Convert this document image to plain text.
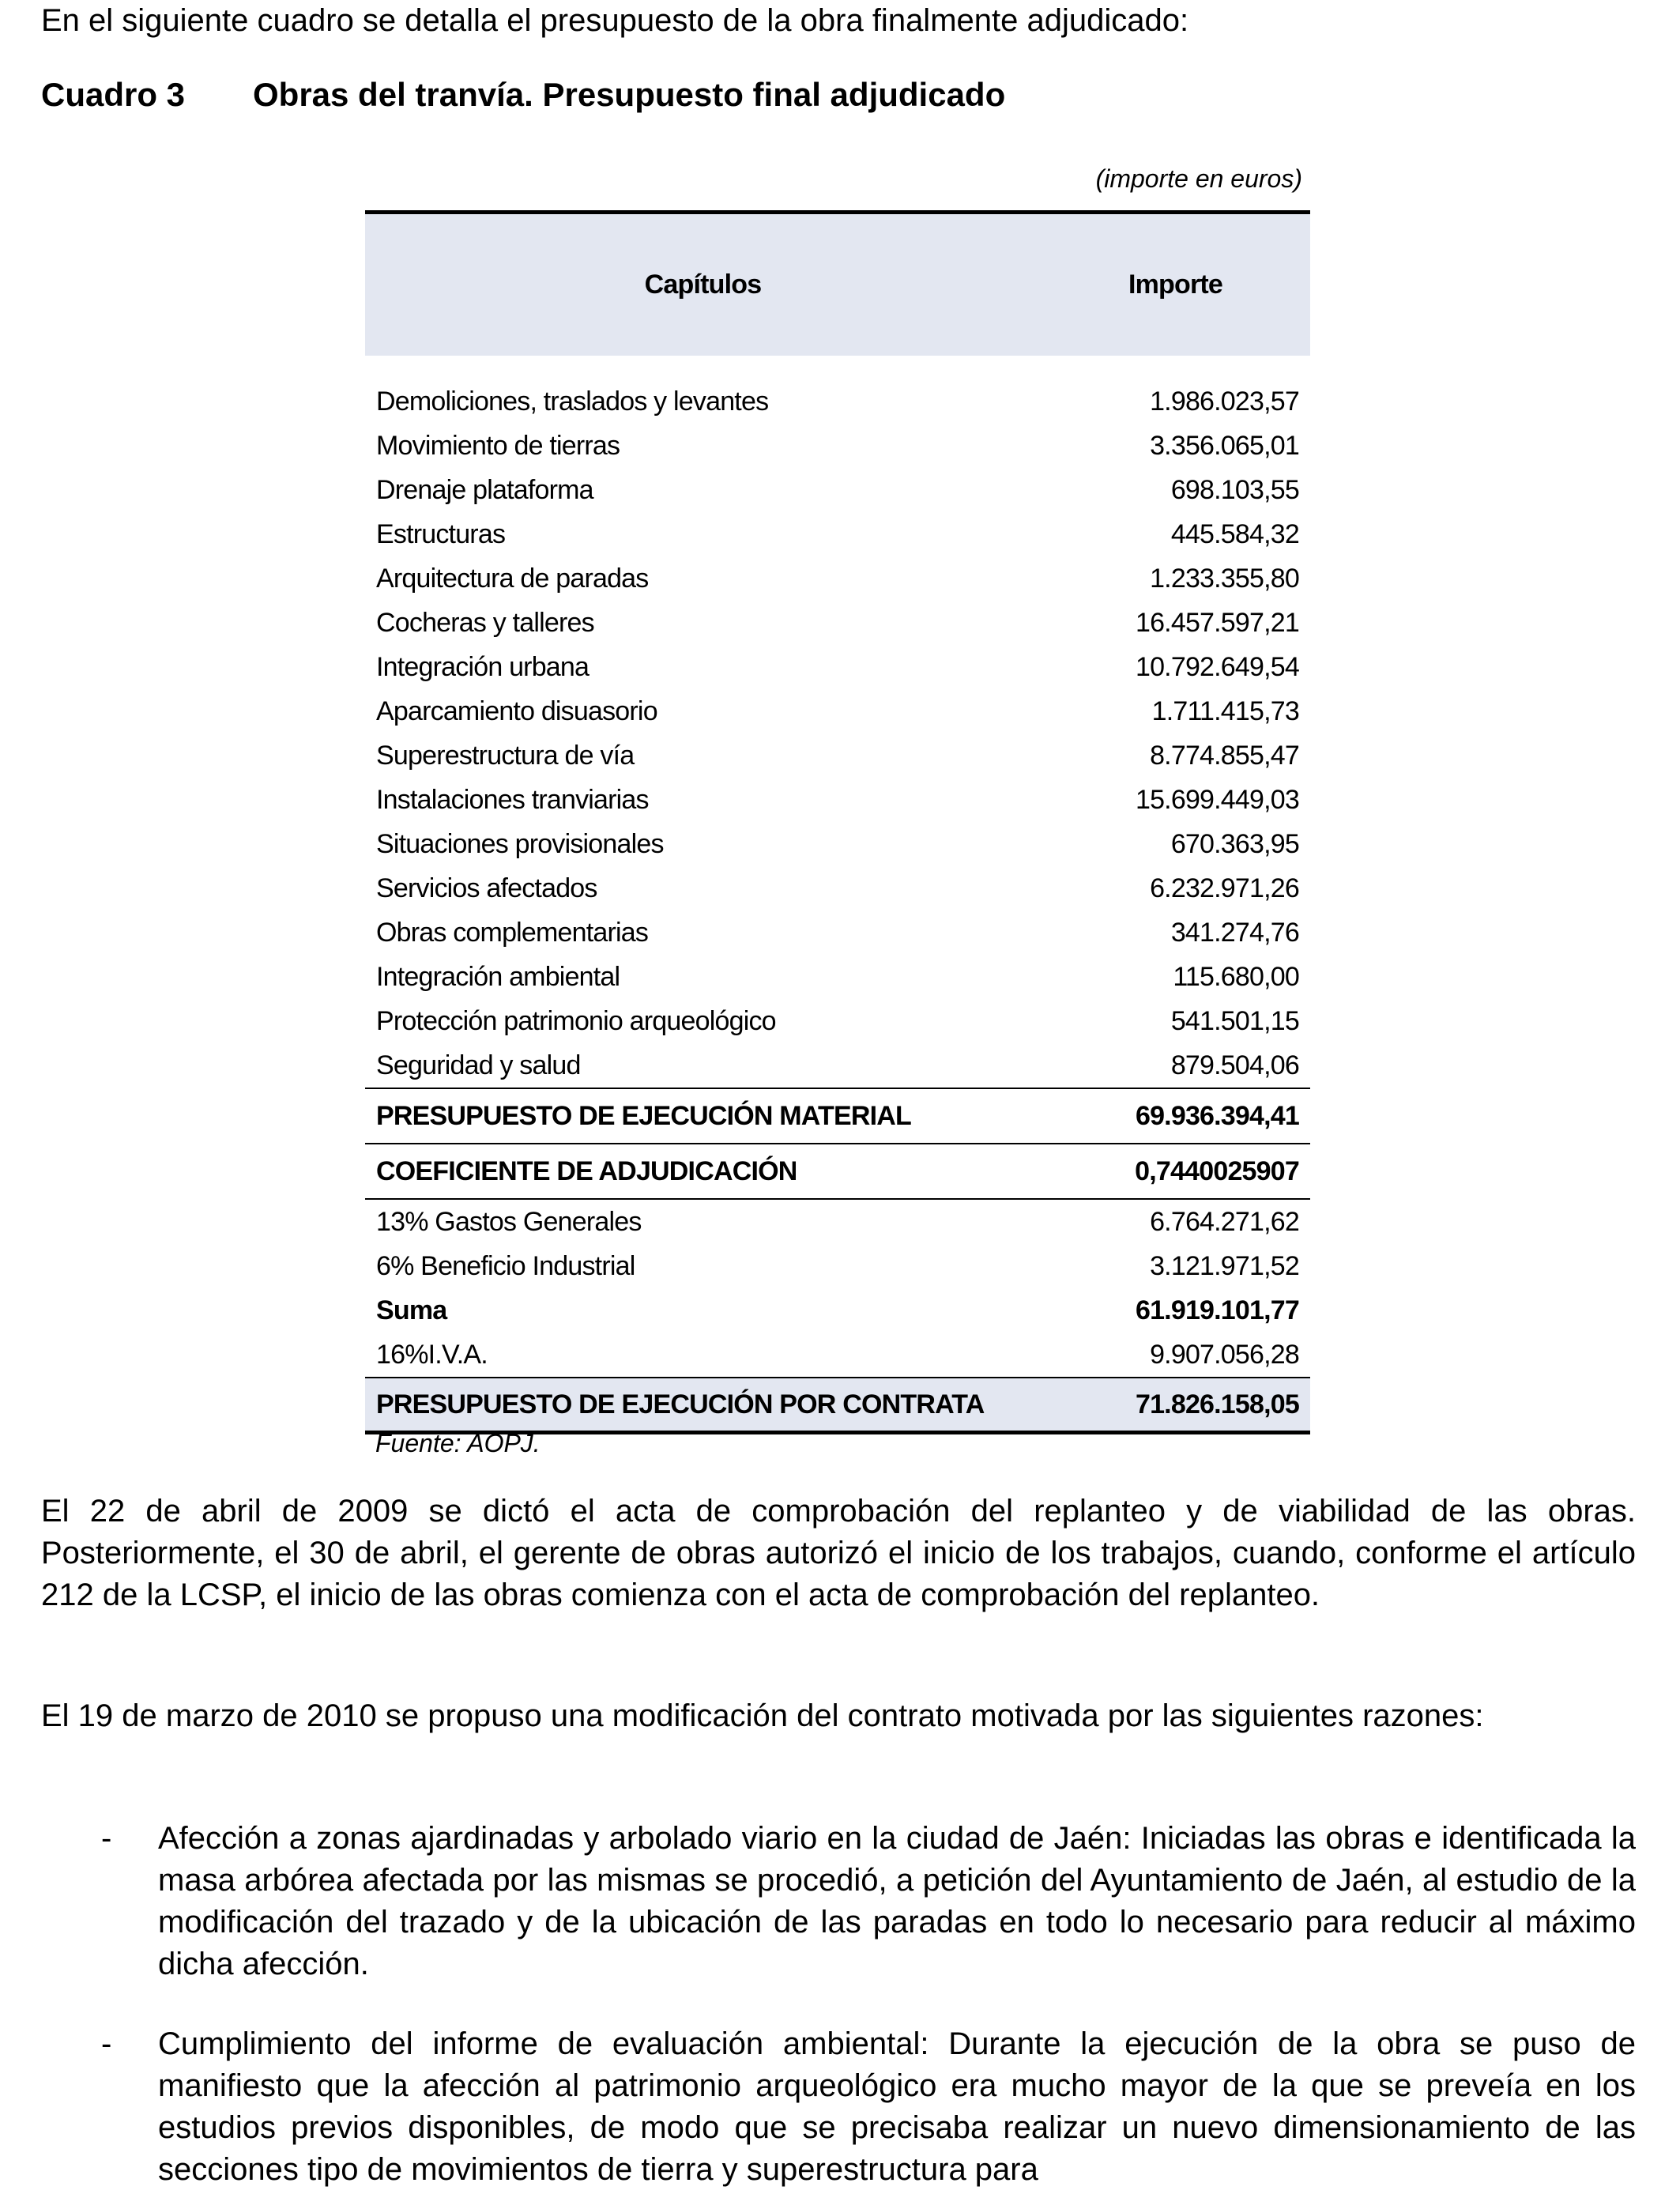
En el siguiente cuadro se detalla el presupuesto de la obra finalmente adjudicado:

Cuadro 3 Obras del tranvía. Presupuesto final adjudicado
(importe en euros)
Capítulos	Importe
Demoliciones, traslados y levantes	1.986.023,57
Movimiento de tierras	3.356.065,01
Drenaje plataforma	698.103,55
Estructuras	445.584,32
Arquitectura de paradas	1.233.355,80
Cocheras y talleres	16.457.597,21
Integración urbana	10.792.649,54
Aparcamiento disuasorio	1.711.415,73
Superestructura de vía	8.774.855,47
Instalaciones tranviarias	15.699.449,03
Situaciones provisionales	670.363,95
Servicios afectados	6.232.971,26
Obras complementarias	341.274,76
Integración ambiental	115.680,00
Protección patrimonio arqueológico	541.501,15
Seguridad y salud	879.504,06
PRESUPUESTO DE EJECUCIÓN MATERIAL	69.936.394,41
COEFICIENTE DE ADJUDICACIÓN	0,7440025907
13% Gastos Generales	6.764.271,62
6% Beneficio Industrial	3.121.971,52
Suma	61.919.101,77
16%I.V.A.	9.907.056,28
PRESUPUESTO DE EJECUCIÓN POR CONTRATA	71.826.158,05
Fuente: AOPJ.

El 22 de abril de 2009 se dictó el acta de comprobación del replanteo y de viabilidad de las obras. Posteriormente, el 30 de abril, el gerente de obras autorizó el inicio de los trabajos, cuando, conforme el artículo 212 de la LCSP, el inicio de las obras comienza con el acta de comprobación del replanteo.

El 19 de marzo de 2010 se propuso una modificación del contrato motivada por las siguientes razones:

- Afección a zonas ajardinadas y arbolado viario en la ciudad de Jaén: Iniciadas las obras e identificada la masa arbórea afectada por las mismas se procedió, a petición del Ayuntamiento de Jaén, al estudio de la modificación del trazado y de la ubicación de las paradas en todo lo necesario para reducir al máximo dicha afección.

- Cumplimiento del informe de evaluación ambiental: Durante la ejecución de la obra se puso de manifiesto que la afección al patrimonio arqueológico era mucho mayor de la que se preveía en los estudios previos disponibles, de modo que se precisaba realizar un nuevo dimensionamiento de las secciones tipo de movimientos de tierra y superestructura para
